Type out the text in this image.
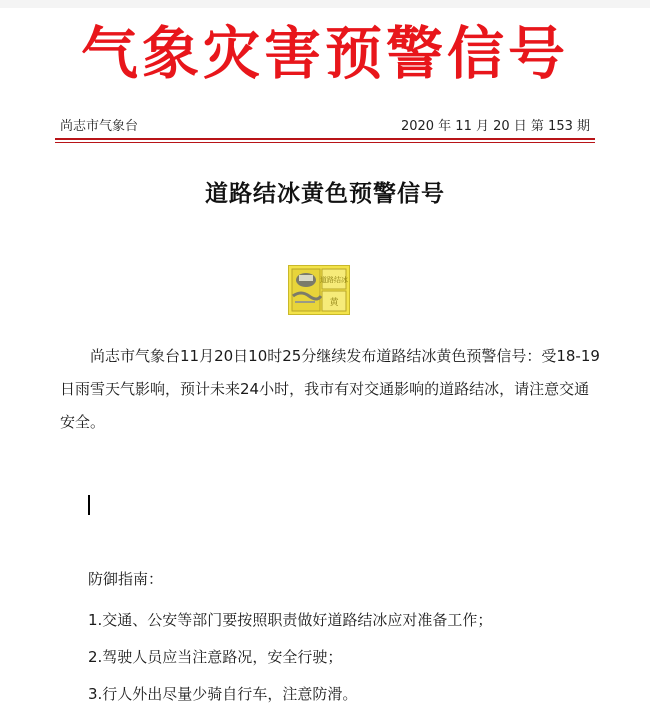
气象灾害预警信号
尚志市气象台	2020 年 11 月 20 日 第 153 期
道路结冰黄色预警信号
道路结冰
黄
尚志市气象台11月20日10时25分继续发布道路结冰黄色预警信号：受18-19日雨雪天气影响，预计未来24小时，我市有对交通影响的道路结冰，请注意交通安全。
防御指南：
1.交通、公安等部门要按照职责做好道路结冰应对准备工作；
2.驾驶人员应当注意路况，安全行驶；
3.行人外出尽量少骑自行车，注意防滑。
